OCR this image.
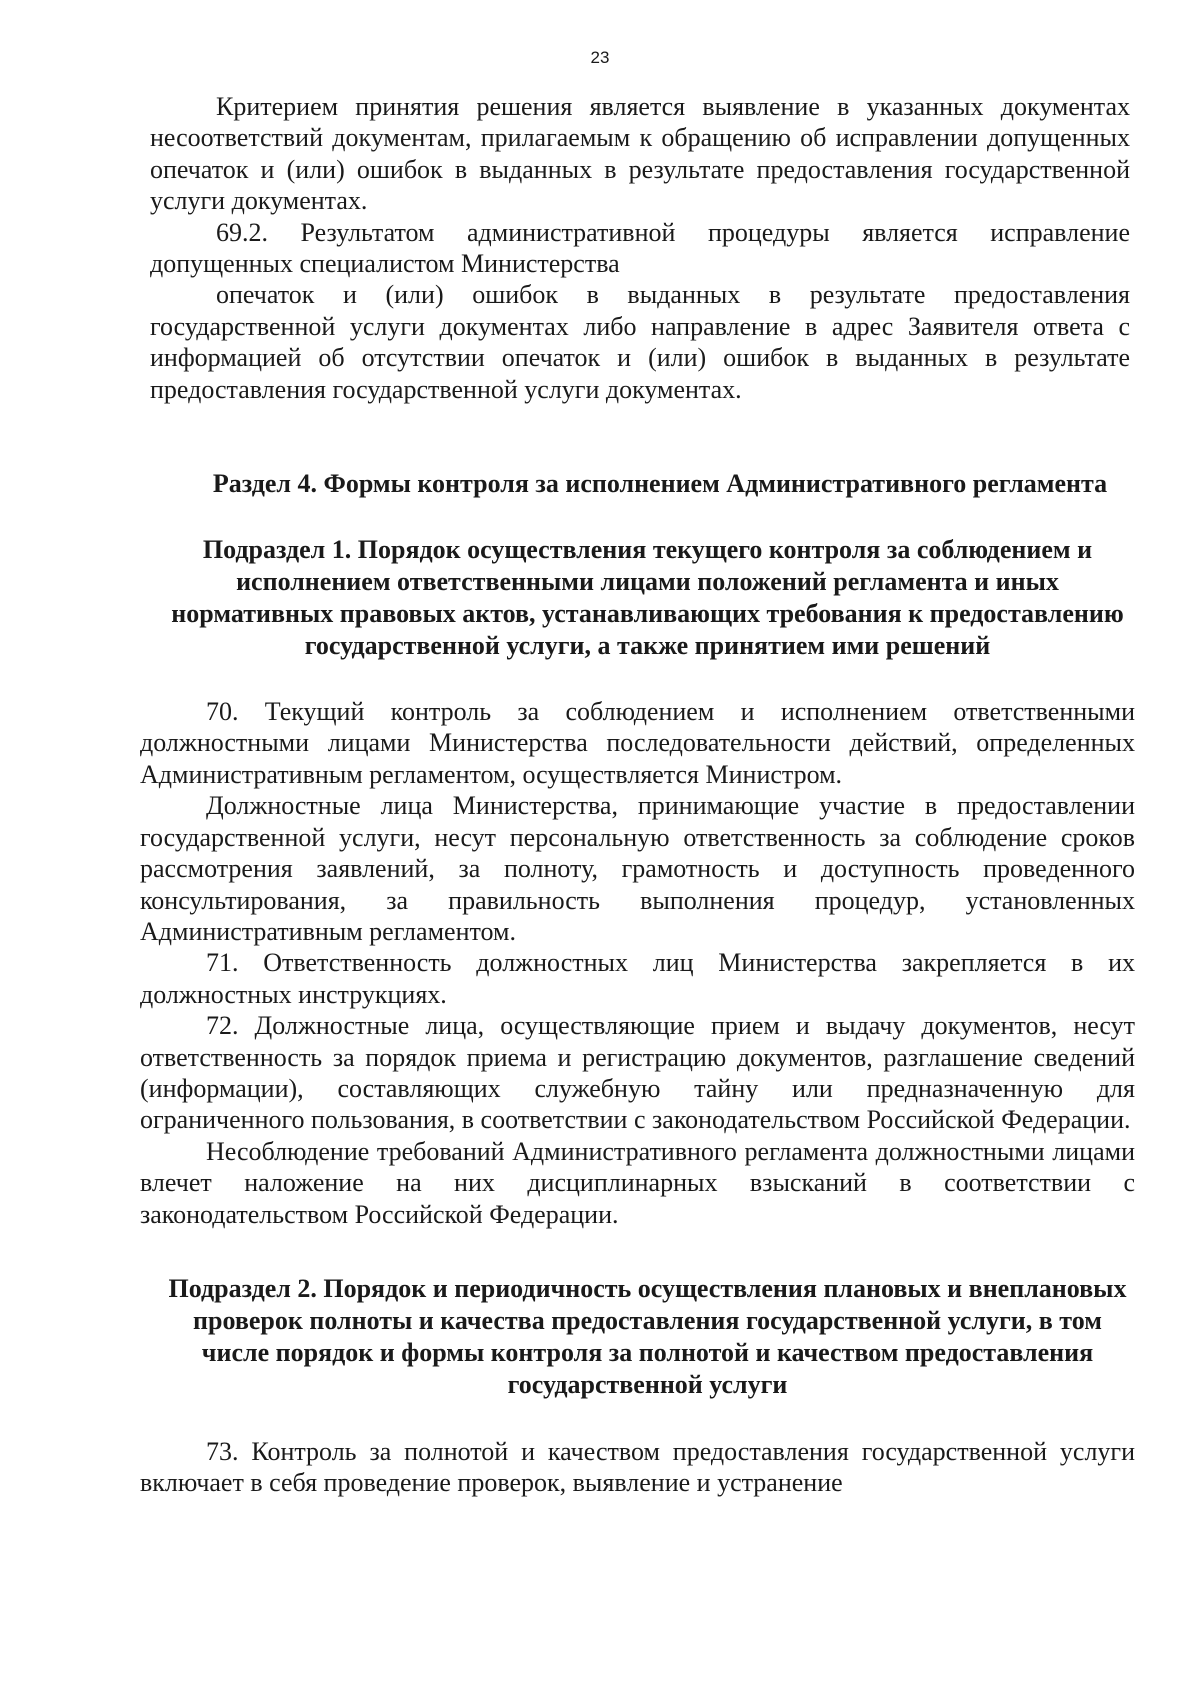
23

Критерием принятия решения является выявление в указанных документах несоответствий документам, прилагаемым к обращению об исправлении допущенных опечаток и (или) ошибок в выданных в результате предоставления государственной услуги документах.

69.2. Результатом административной процедуры является исправление допущенных специалистом Министерства

опечаток и (или) ошибок в выданных в результате предоставления государственной услуги документах либо направление в адрес Заявителя ответа с информацией об отсутствии опечаток и (или) ошибок в выданных в результате предоставления государственной услуги документах.

Раздел 4. Формы контроля за исполнением Административного регламента
Подраздел 1. Порядок осуществления текущего контроля за соблюдением и исполнением ответственными лицами положений регламента и иных нормативных правовых актов, устанавливающих требования к предоставлению государственной услуги, а также принятием ими решений

70. Текущий контроль за соблюдением и исполнением ответственными должностными лицами Министерства последовательности действий, определенных Административным регламентом, осуществляется Министром.

Должностные лица Министерства, принимающие участие в предоставлении государственной услуги, несут персональную ответственность за соблюдение сроков рассмотрения заявлений, за полноту, грамотность и доступность проведенного консультирования, за правильность выполнения процедур, установленных Административным регламентом.

71. Ответственность должностных лиц Министерства закрепляется в их должностных инструкциях.

72. Должностные лица, осуществляющие прием и выдачу документов, несут ответственность за порядок приема и регистрацию документов, разглашение сведений (информации), составляющих служебную тайну или предназначенную для ограниченного пользования, в соответствии с законодательством Российской Федерации.

Несоблюдение требований Административного регламента должностными лицами влечет наложение на них дисциплинарных взысканий в соответствии с законодательством Российской Федерации.

Подраздел 2. Порядок и периодичность осуществления плановых и внеплановых проверок полноты и качества предоставления государственной услуги, в том числе порядок и формы контроля за полнотой и качеством предоставления государственной услуги

73. Контроль за полнотой и качеством предоставления государственной услуги включает в себя проведение проверок, выявление и устранение
